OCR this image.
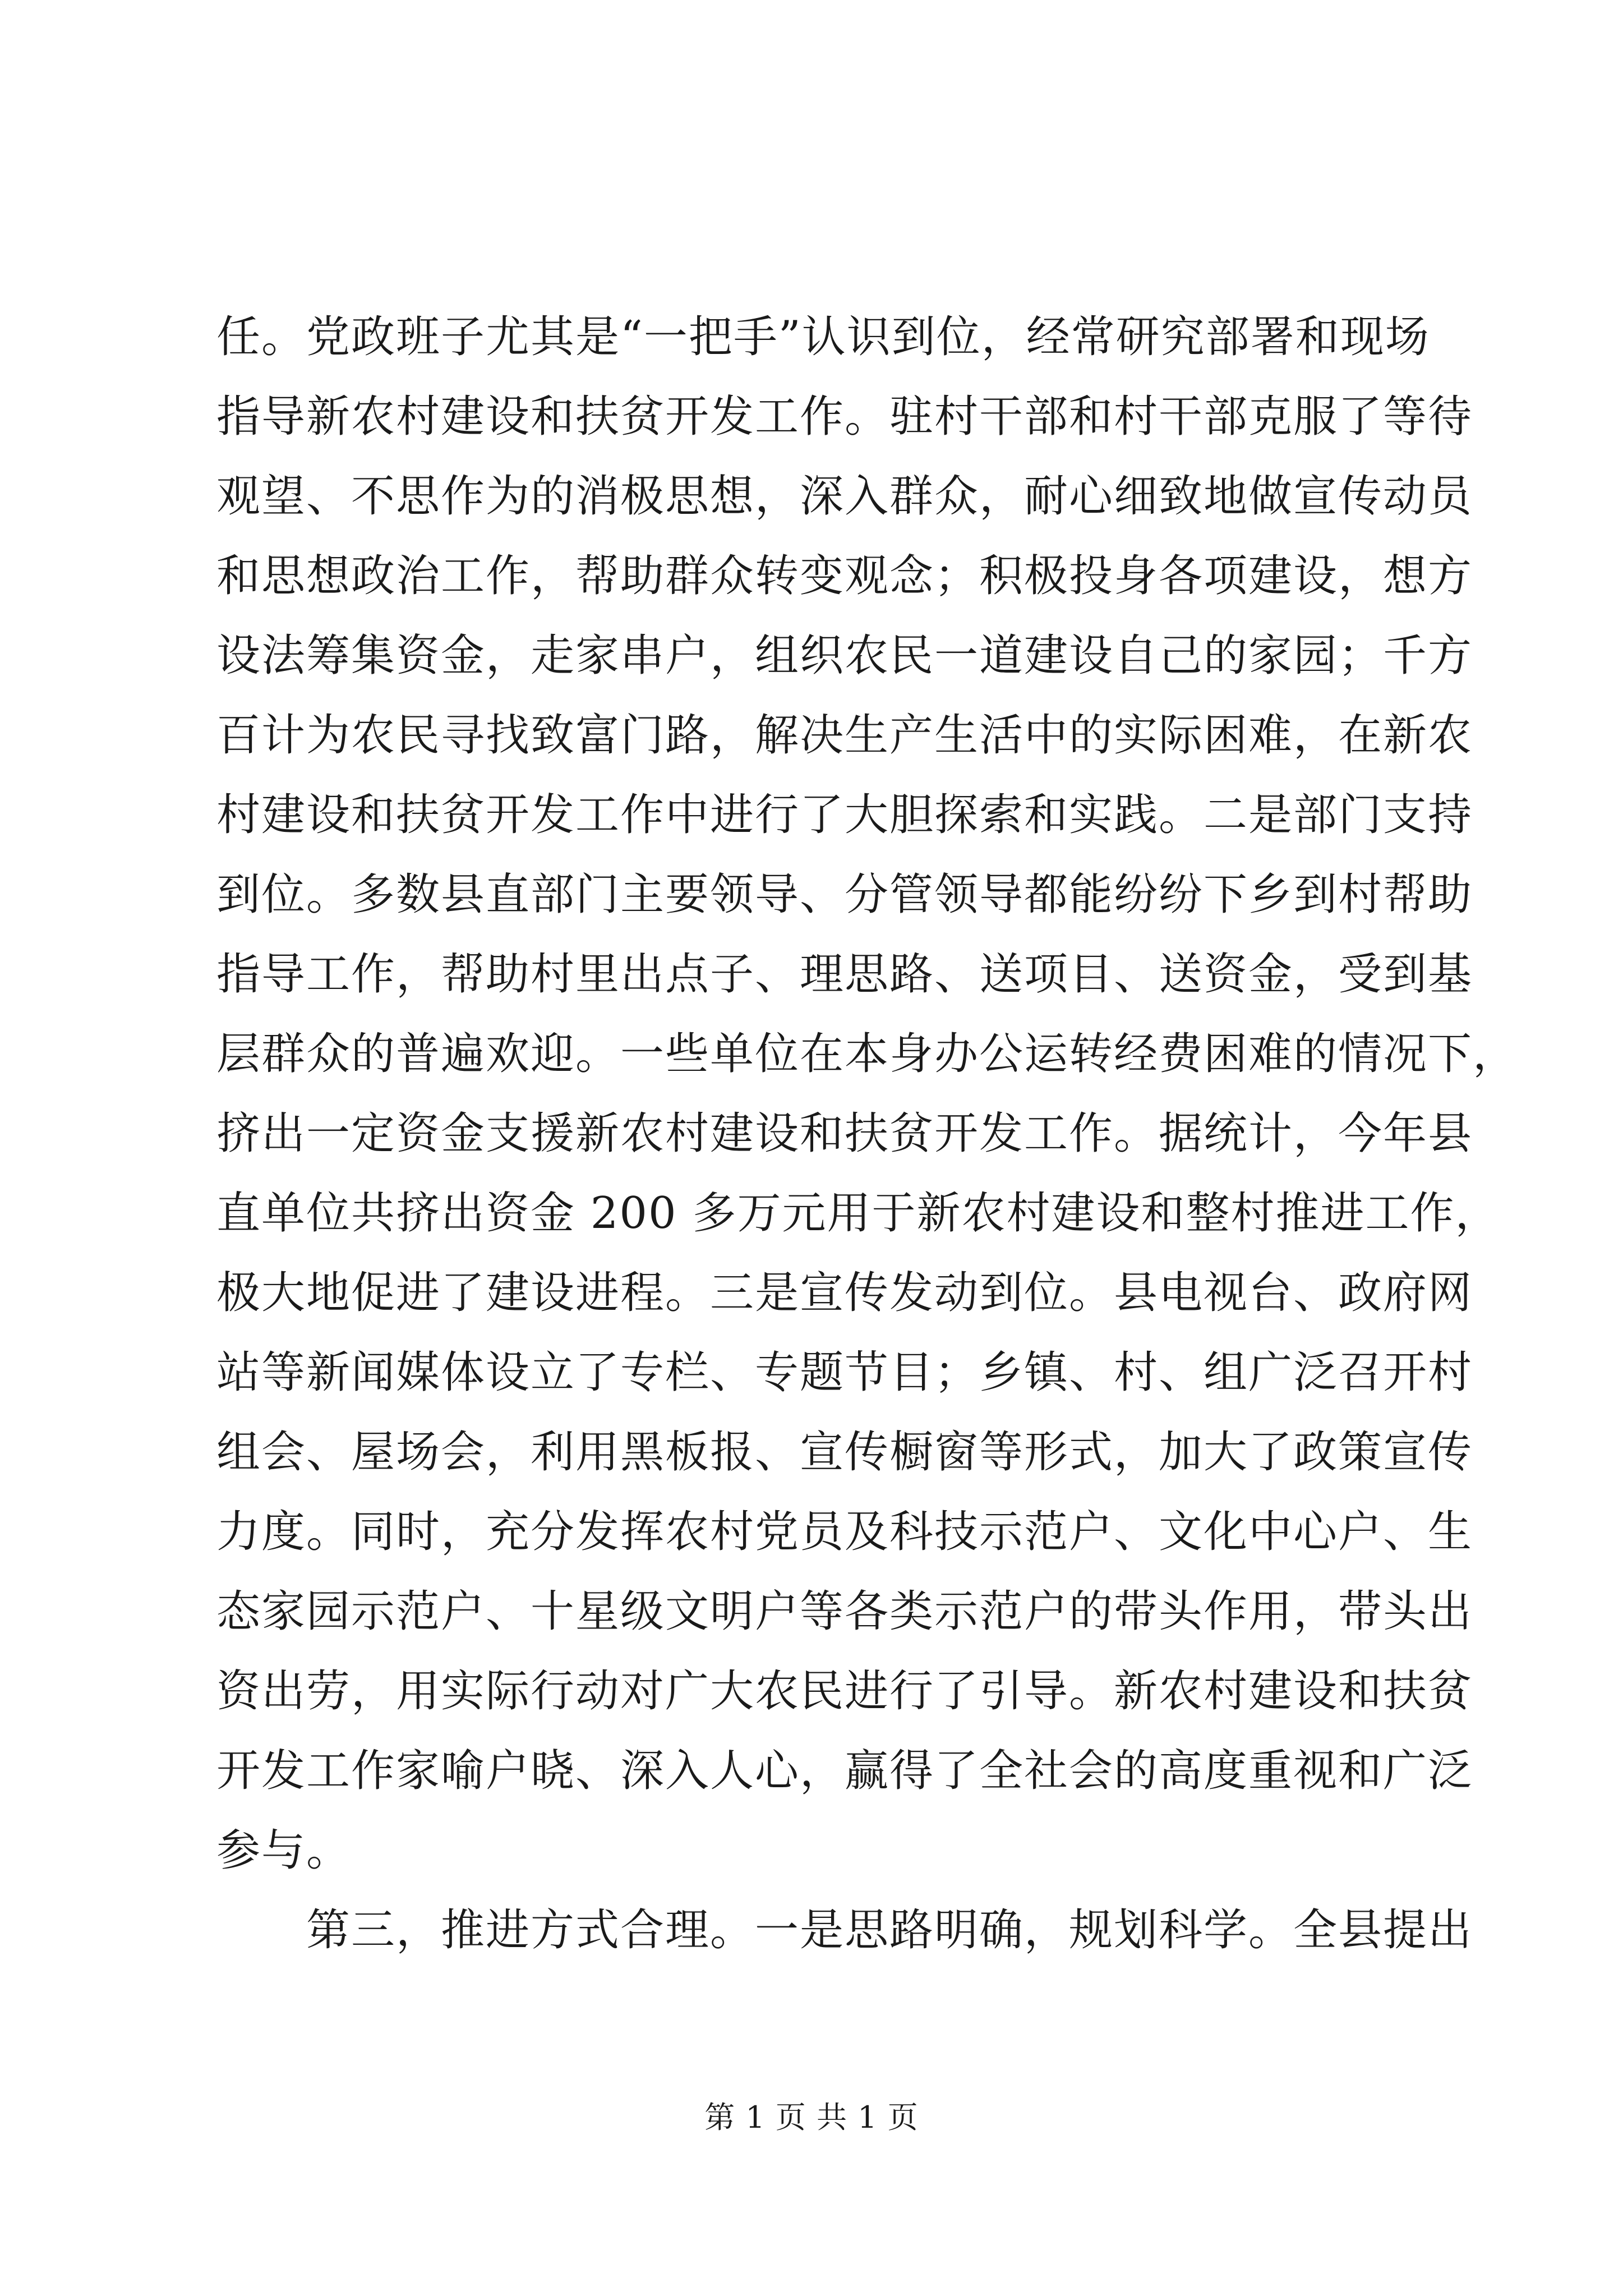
任。党政班子尤其是“一把手”认识到位，经常研究部署和现场
指导新农村建设和扶贫开发工作。驻村干部和村干部克服了等待
观望、不思作为的消极思想，深入群众，耐心细致地做宣传动员
和思想政治工作，帮助群众转变观念；积极投身各项建设，想方
设法筹集资金，走家串户，组织农民一道建设自己的家园；千方
百计为农民寻找致富门路，解决生产生活中的实际困难，在新农
村建设和扶贫开发工作中进行了大胆探索和实践。二是部门支持
到位。多数县直部门主要领导、分管领导都能纷纷下乡到村帮助
指导工作，帮助村里出点子、理思路、送项目、送资金，受到基
层群众的普遍欢迎。一些单位在本身办公运转经费困难的情况下，
挤出一定资金支援新农村建设和扶贫开发工作。据统计，今年县
直单位共挤出资金 200 多万元用于新农村建设和整村推进工作，
极大地促进了建设进程。三是宣传发动到位。县电视台、政府网
站等新闻媒体设立了专栏、专题节目；乡镇、村、组广泛召开村
组会、屋场会，利用黑板报、宣传橱窗等形式，加大了政策宣传
力度。同时，充分发挥农村党员及科技示范户、文化中心户、生
态家园示范户、十星级文明户等各类示范户的带头作用，带头出
资出劳，用实际行动对广大农民进行了引导。新农村建设和扶贫
开发工作家喻户晓、深入人心，赢得了全社会的高度重视和广泛
参与。
第三，推进方式合理。一是思路明确，规划科学。全县提出
第 1 页 共 1 页
